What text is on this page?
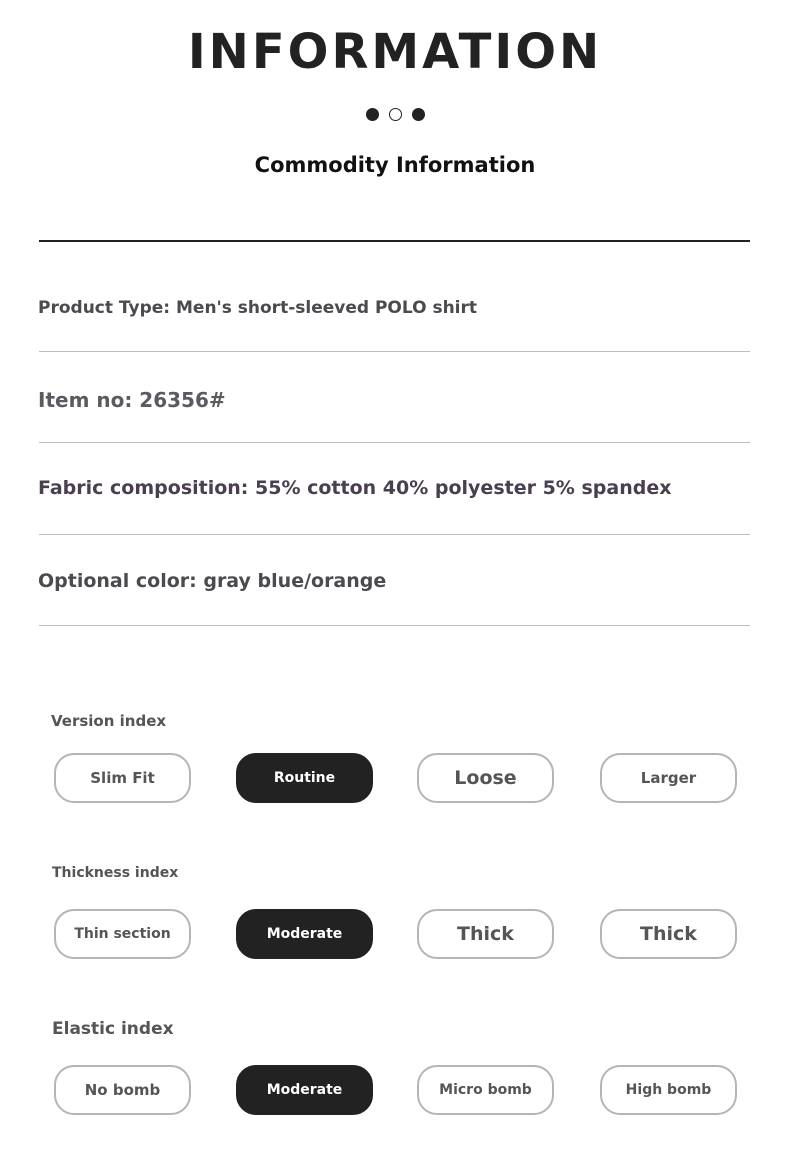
INFORMATION
Commodity Information
Product Type: Men's short-sleeved POLO shirt
Item no: 26356#
Fabric composition: 55% cotton 40% polyester 5% spandex
Optional color: gray blue/orange
Version index
Slim Fit	Routine	Loose	Larger
Thickness index
Thin section	Moderate	Thick	Thick
Elastic index
No bomb	Moderate	Micro bomb	High bomb
